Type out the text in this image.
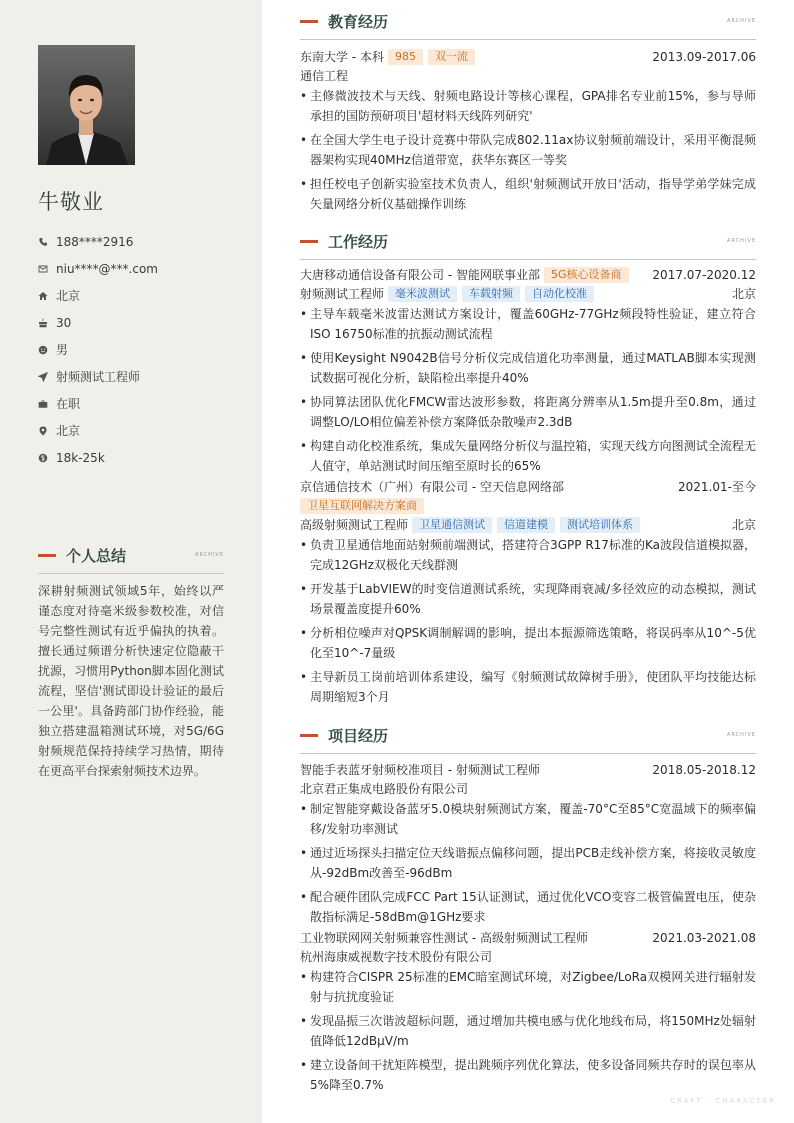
牛敬业
188****2916
niu****@***.com
北京
30
男
射频测试工程师
在职
北京
18k-25k
个人总结	ARCHIVE
深耕射频测试领域5年，始终以严谨态度对待毫米级参数校准，对信号完整性测试有近乎偏执的执着。擅长通过频谱分析快速定位隐蔽干扰源，习惯用Python脚本固化测试流程，坚信'测试即设计验证的最后一公里'。具备跨部门协作经验，能独立搭建温箱测试环境，对5G/6G射频规范保持持续学习热情，期待在更高平台探索射频技术边界。
教育经历	ARCHIVE
东南大学 - 本科	985	双一流	2013.09-2017.06
通信工程
• 主修微波技术与天线、射频电路设计等核心课程，GPA排名专业前15%，参与导师承担的国防预研项目'超材料天线阵列研究'
• 在全国大学生电子设计竞赛中带队完成802.11ax协议射频前端设计，采用平衡混频器架构实现40MHz信道带宽，获华东赛区一等奖
• 担任校电子创新实验室技术负责人，组织'射频测试开放日'活动，指导学弟学妹完成矢量网络分析仪基础操作训练
工作经历	ARCHIVE
大唐移动通信设备有限公司 - 智能网联事业部	5G核心设备商	2017.07-2020.12
射频测试工程师	毫米波测试	车载射频	自动化校准	北京
• 主导车载毫米波雷达测试方案设计，覆盖60GHz-77GHz频段特性验证，建立符合ISO 16750标准的抗振动测试流程
• 使用Keysight N9042B信号分析仪完成信道化功率测量，通过MATLAB脚本实现测试数据可视化分析，缺陷检出率提升40%
• 协同算法团队优化FMCW雷达波形参数，将距离分辨率从1.5m提升至0.8m，通过调整LO/LO相位偏差补偿方案降低杂散噪声2.3dB
• 构建自动化校准系统，集成矢量网络分析仪与温控箱，实现天线方向图测试全流程无人值守，单站测试时间压缩至原时长的65%
京信通信技术（广州）有限公司 - 空天信息网络部	2021.01-至今
卫星互联网解决方案商
高级射频测试工程师	卫星通信测试	信道建模	测试培训体系	北京
• 负责卫星通信地面站射频前端测试，搭建符合3GPP R17标准的Ka波段信道模拟器，完成12GHz双极化天线群测
• 开发基于LabVIEW的时变信道测试系统，实现降雨衰减/多径效应的动态模拟，测试场景覆盖度提升60%
• 分析相位噪声对QPSK调制解调的影响，提出本振源筛选策略，将误码率从10^-5优化至10^-7量级
• 主导新员工岗前培训体系建设，编写《射频测试故障树手册》，使团队平均技能达标周期缩短3个月
项目经历	ARCHIVE
智能手表蓝牙射频校准项目 - 射频测试工程师	2018.05-2018.12
北京君正集成电路股份有限公司
• 制定智能穿戴设备蓝牙5.0模块射频测试方案，覆盖-70°C至85°C宽温域下的频率偏移/发射功率测试
• 通过近场探头扫描定位天线谐振点偏移问题，提出PCB走线补偿方案，将接收灵敏度从-92dBm改善至-96dBm
• 配合硬件团队完成FCC Part 15认证测试，通过优化VCO变容二极管偏置电压，使杂散指标满足-58dBm@1GHz要求
工业物联网网关射频兼容性测试 - 高级射频测试工程师	2021.03-2021.08
杭州海康威视数字技术股份有限公司
• 构建符合CISPR 25标准的EMC暗室测试环境，对Zigbee/LoRa双模网关进行辐射发射与抗扰度验证
• 发现晶振三次谐波超标问题，通过增加共模电感与优化地线布局，将150MHz处辐射值降低12dBμV/m
• 建立设备间干扰矩阵模型，提出跳频序列优化算法，使多设备同频共存时的误包率从5%降至0.7%
CRAFT · CHARACTER
